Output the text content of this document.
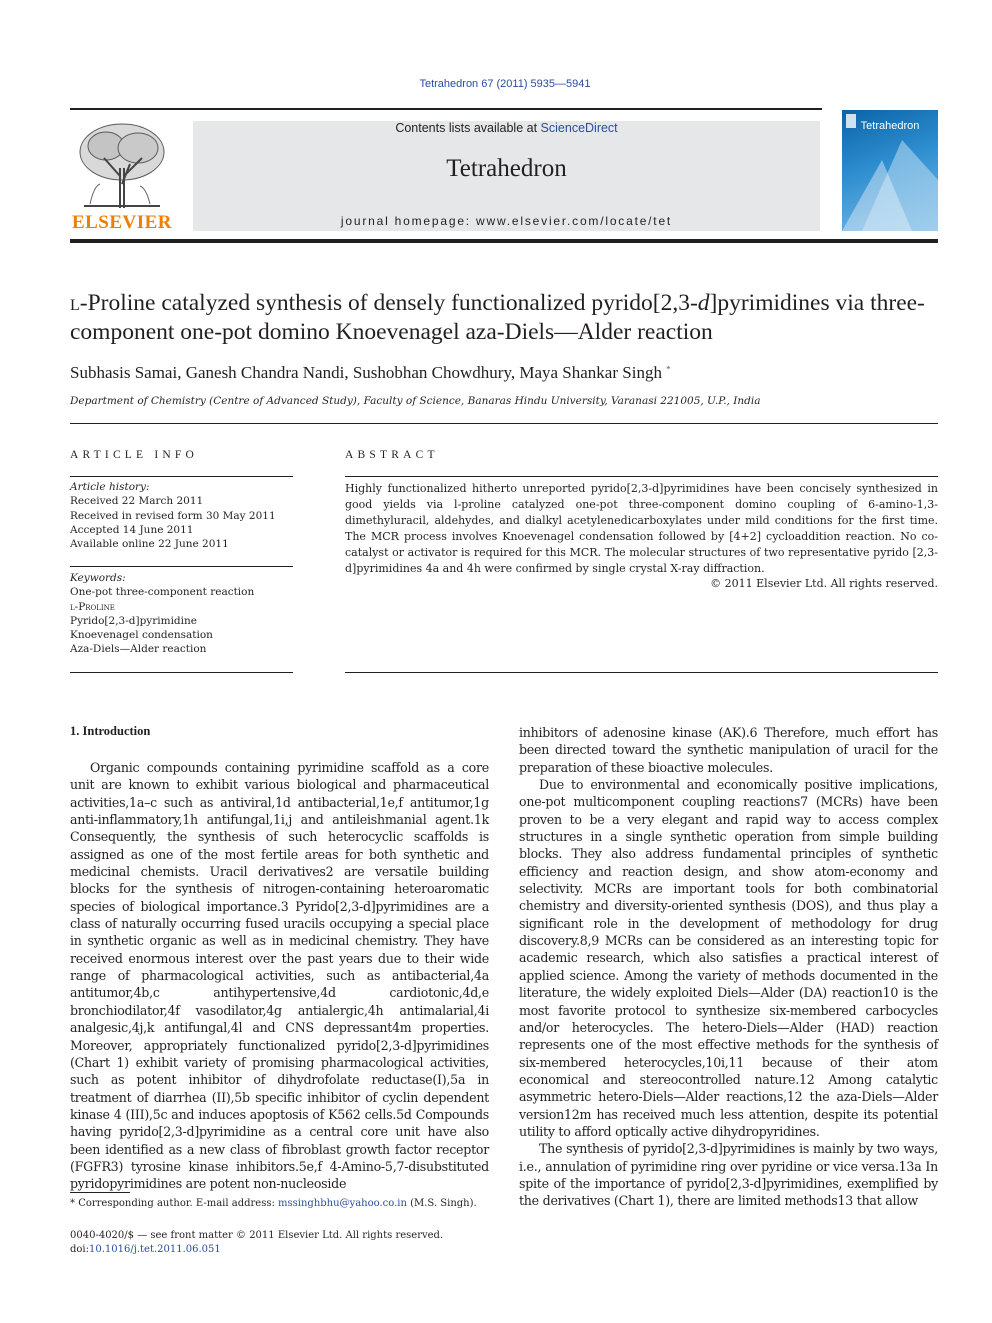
Tetrahedron 67 (2011) 5935—5941
ELSEVIER
Contents lists available at ScienceDirect
Tetrahedron
journal homepage: www.elsevier.com/locate/tet
Tetrahedron
l-Proline catalyzed synthesis of densely functionalized pyrido[2,3-d]pyrimidines via three-component one-pot domino Knoevenagel aza-Diels—Alder reaction
Subhasis Samai, Ganesh Chandra Nandi, Sushobhan Chowdhury, Maya Shankar Singh *
Department of Chemistry (Centre of Advanced Study), Faculty of Science, Banaras Hindu University, Varanasi 221005, U.P., India
ARTICLE INFO
Article history:
Received 22 March 2011
Received in revised form 30 May 2011
Accepted 14 June 2011
Available online 22 June 2011
Keywords:
One-pot three-component reaction
l-Proline
Pyrido[2,3-d]pyrimidine
Knoevenagel condensation
Aza-Diels—Alder reaction
ABSTRACT
Highly functionalized hitherto unreported pyrido[2,3-d]pyrimidines have been concisely synthesized in good yields via l-proline catalyzed one-pot three-component domino coupling of 6-amino-1,3-dimethyluracil, aldehydes, and dialkyl acetylenedicarboxylates under mild conditions for the first time. The MCR process involves Knoevenagel condensation followed by [4+2] cycloaddition reaction. No co-catalyst or activator is required for this MCR. The molecular structures of two representative pyrido [2,3-d]pyrimidines 4a and 4h were confirmed by single crystal X-ray diffraction.
© 2011 Elsevier Ltd. All rights reserved.
1. Introduction

Organic compounds containing pyrimidine scaffold as a core unit are known to exhibit various biological and pharmaceutical activities,1a–c such as antiviral,1d antibacterial,1e,f antitumor,1g anti-inflammatory,1h antifungal,1i,j and antileishmanial agent.1k Consequently, the synthesis of such heterocyclic scaffolds is assigned as one of the most fertile areas for both synthetic and medicinal chemists. Uracil derivatives2 are versatile building blocks for the synthesis of nitrogen-containing heteroaromatic species of biological importance.3 Pyrido[2,3-d]pyrimidines are a class of naturally occurring fused uracils occupying a special place in synthetic organic as well as in medicinal chemistry. They have received enormous interest over the past years due to their wide range of pharmacological activities, such as antibacterial,4a antitumor,4b,c antihypertensive,4d cardiotonic,4d,e bronchiodilator,4f vasodilator,4g antialergic,4h antimalarial,4i analgesic,4j,k antifungal,4l and CNS depressant4m properties. Moreover, appropriately functionalized pyrido[2,3-d]pyrimidines (Chart 1) exhibit variety of promising pharmacological activities, such as potent inhibitor of dihydrofolate reductase(I),5a in treatment of diarrhea (II),5b specific inhibitor of cyclin dependent kinase 4 (III),5c and induces apoptosis of K562 cells.5d Compounds having pyrido[2,3-d]pyrimidine as a central core unit have also been identified as a new class of fibroblast growth factor receptor (FGFR3) tyrosine kinase inhibitors.5e,f 4-Amino-5,7-disubstituted pyridopyrimidines are potent non-nucleoside

inhibitors of adenosine kinase (AK).6 Therefore, much effort has been directed toward the synthetic manipulation of uracil for the preparation of these bioactive molecules.

Due to environmental and economically positive implications, one-pot multicomponent coupling reactions7 (MCRs) have been proven to be a very elegant and rapid way to access complex structures in a single synthetic operation from simple building blocks. They also address fundamental principles of synthetic efficiency and reaction design, and show atom-economy and selectivity. MCRs are important tools for both combinatorial chemistry and diversity-oriented synthesis (DOS), and thus play a significant role in the development of methodology for drug discovery.8,9 MCRs can be considered as an interesting topic for academic research, which also satisfies a practical interest of applied science. Among the variety of methods documented in the literature, the widely exploited Diels—Alder (DA) reaction10 is the most favorite protocol to synthesize six-membered carbocycles and/or heterocycles. The hetero-Diels—Alder (HAD) reaction represents one of the most effective methods for the synthesis of six-membered heterocycles,10i,11 because of their atom economical and stereocontrolled nature.12 Among catalytic asymmetric hetero-Diels—Alder reactions,12 the aza-Diels—Alder version12m has received much less attention, despite its potential utility to afford optically active dihydropyridines.

The synthesis of pyrido[2,3-d]pyrimidines is mainly by two ways, i.e., annulation of pyrimidine ring over pyridine or vice versa.13a In spite of the importance of pyrido[2,3-d]pyrimidines, exemplified by the derivatives (Chart 1), there are limited methods13 that allow

* Corresponding author. E-mail address: mssinghbhu@yahoo.co.in (M.S. Singh).
0040-4020/$ — see front matter © 2011 Elsevier Ltd. All rights reserved.
doi:10.1016/j.tet.2011.06.051
